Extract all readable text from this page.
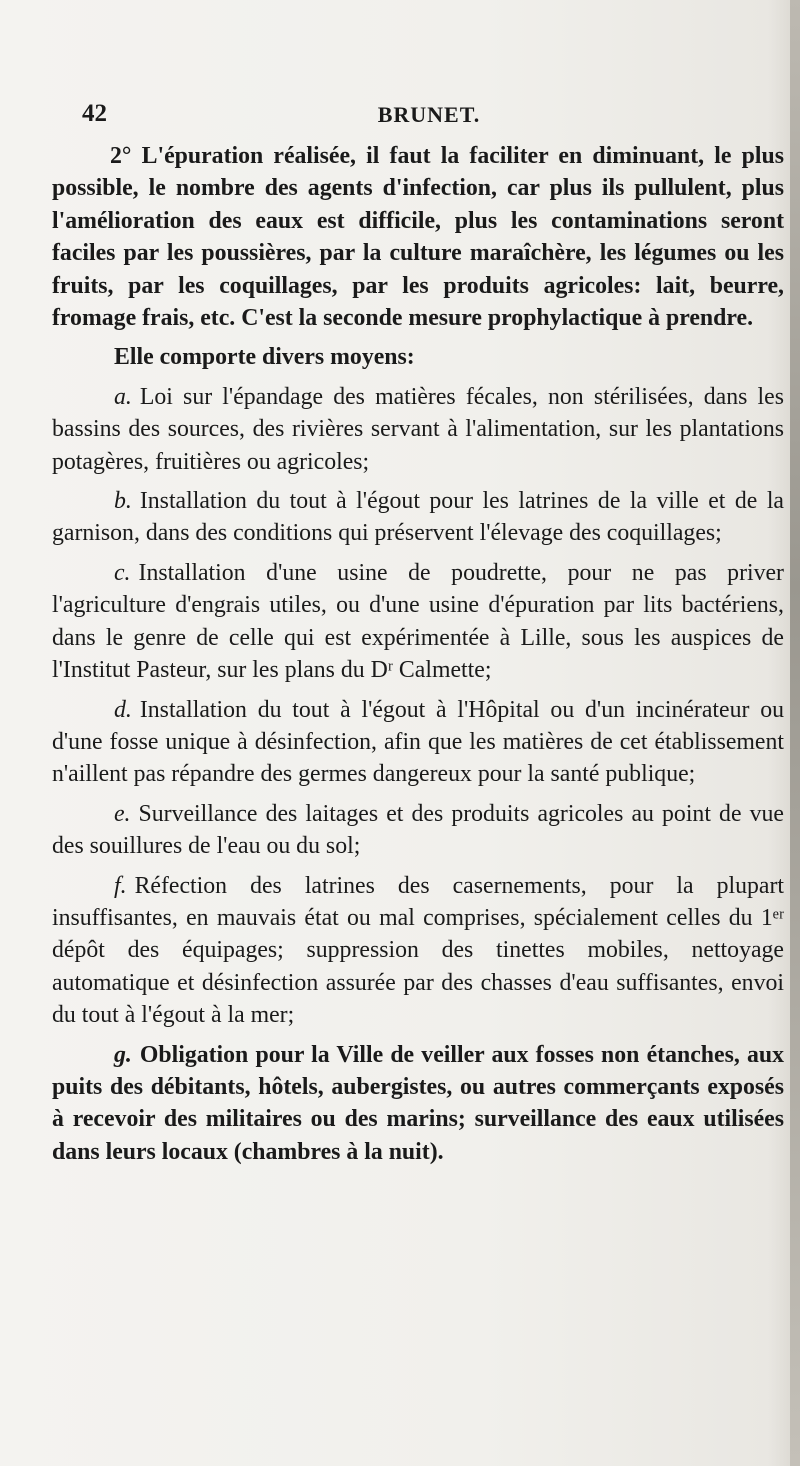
42	BRUNET.

2° L'épuration réalisée, il faut la faciliter en diminuant, le plus possible, le nombre des agents d'infection, car plus ils pullulent, plus l'amélioration des eaux est difficile, plus les contaminations seront faciles par les poussières, par la culture maraîchère, les légumes ou les fruits, par les coquillages, par les produits agricoles: lait, beurre, fromage frais, etc. C'est la seconde mesure prophylactique à prendre.

Elle comporte divers moyens:

a. Loi sur l'épandage des matières fécales, non stérilisées, dans les bassins des sources, des rivières servant à l'alimentation, sur les plantations potagères, fruitières ou agricoles;

b. Installation du tout à l'égout pour les latrines de la ville et de la garnison, dans des conditions qui préservent l'élevage des coquillages;

c. Installation d'une usine de poudrette, pour ne pas priver l'agriculture d'engrais utiles, ou d'une usine d'épuration par lits bactériens, dans le genre de celle qui est expérimentée à Lille, sous les auspices de l'Institut Pasteur, sur les plans du Dʳ Calmette;

d. Installation du tout à l'égout à l'Hôpital ou d'un incinérateur ou d'une fosse unique à désinfection, afin que les matières de cet établissement n'aillent pas répandre des germes dangereux pour la santé publique;

e. Surveillance des laitages et des produits agricoles au point de vue des souillures de l'eau ou du sol;

f. Réfection des latrines des casernements, pour la plupart insuffisantes, en mauvais état ou mal comprises, spécialement celles du 1ᵉʳ dépôt des équipages; suppression des tinettes mobiles, nettoyage automatique et désinfection assurée par des chasses d'eau suffisantes, envoi du tout à l'égout à la mer;

g. Obligation pour la Ville de veiller aux fosses non étanches, aux puits des débitants, hôtels, aubergistes, ou autres commerçants exposés à recevoir des militaires ou des marins; surveillance des eaux utilisées dans leurs locaux (chambres à la nuit).
